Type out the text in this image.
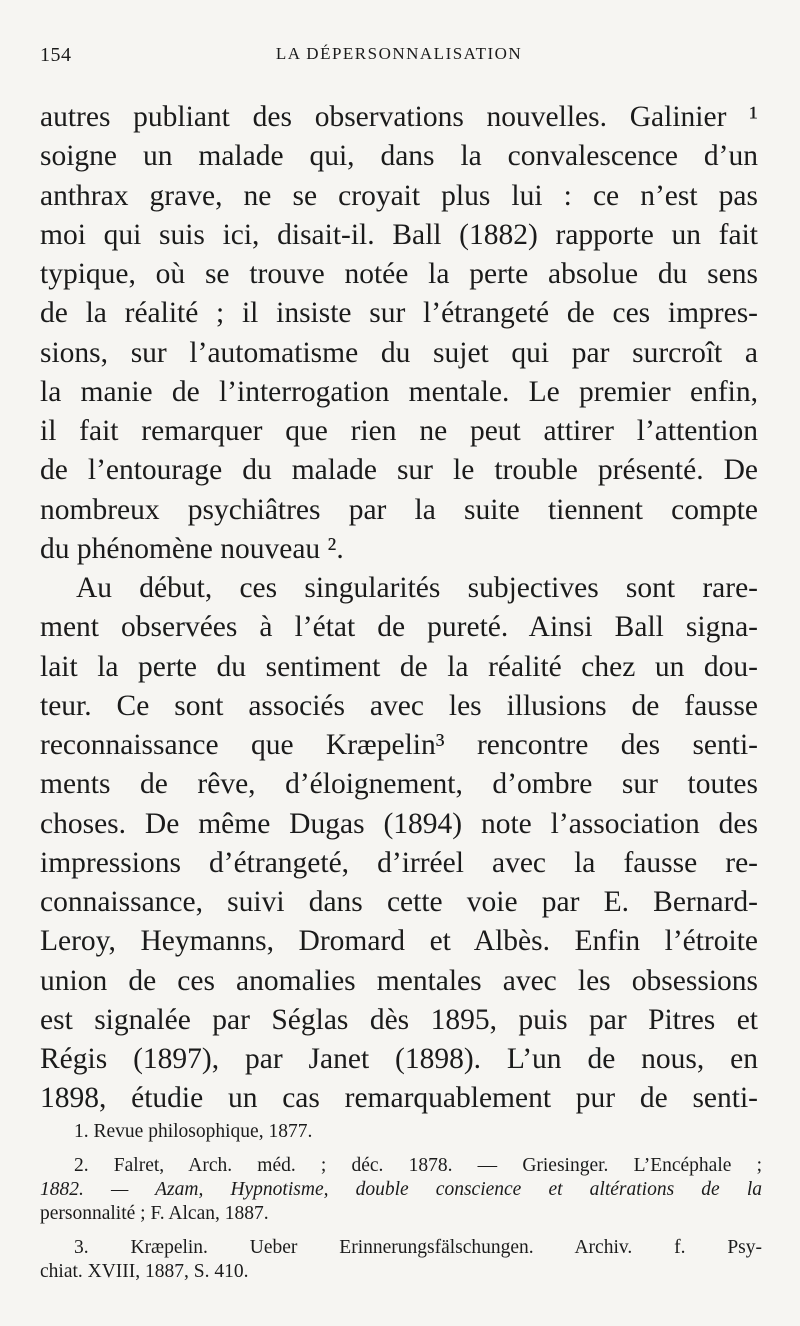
154	LA DÉPERSONNALISATION
autres publiant des observations nouvelles. Galinier ¹
soigne un malade qui, dans la convalescence d’un
anthrax grave, ne se croyait plus lui : ce n’est pas
moi qui suis ici, disait-il. Ball (1882) rapporte un fait
typique, où se trouve notée la perte absolue du sens
de la réalité ; il insiste sur l’étrangeté de ces impres-
sions, sur l’automatisme du sujet qui par surcroît a
la manie de l’interrogation mentale. Le premier enfin,
il fait remarquer que rien ne peut attirer l’attention
de l’entourage du malade sur le trouble présenté. De
nombreux psychiâtres par la suite tiennent compte
du phénomène nouveau ².
Au début, ces singularités subjectives sont rare-
ment observées à l’état de pureté. Ainsi Ball signa-
lait la perte du sentiment de la réalité chez un dou-
teur. Ce sont associés avec les illusions de fausse
reconnaissance que Kræpelin³ rencontre des senti-
ments de rêve, d’éloignement, d’ombre sur toutes
choses. De même Dugas (1894) note l’association des
impressions d’étrangeté, d’irréel avec la fausse re-
connaissance, suivi dans cette voie par E. Bernard-
Leroy, Heymanns, Dromard et Albès. Enfin l’étroite
union de ces anomalies mentales avec les obsessions
est signalée par Séglas dès 1895, puis par Pitres et
Régis (1897), par Janet (1898). L’un de nous, en
1898, étudie un cas remarquablement pur de senti-
1. Revue philosophique, 1877.
2. Falret, Arch. méd. ; déc. 1878. — Griesinger. L’Encéphale ;
1882. — Azam, Hypnotisme, double conscience et altérations de la
personnalité ; F. Alcan, 1887.
3. Kræpelin. Ueber Erinnerungsfälschungen. Archiv. f. Psy-
chiat. XVIII, 1887, S. 410.
